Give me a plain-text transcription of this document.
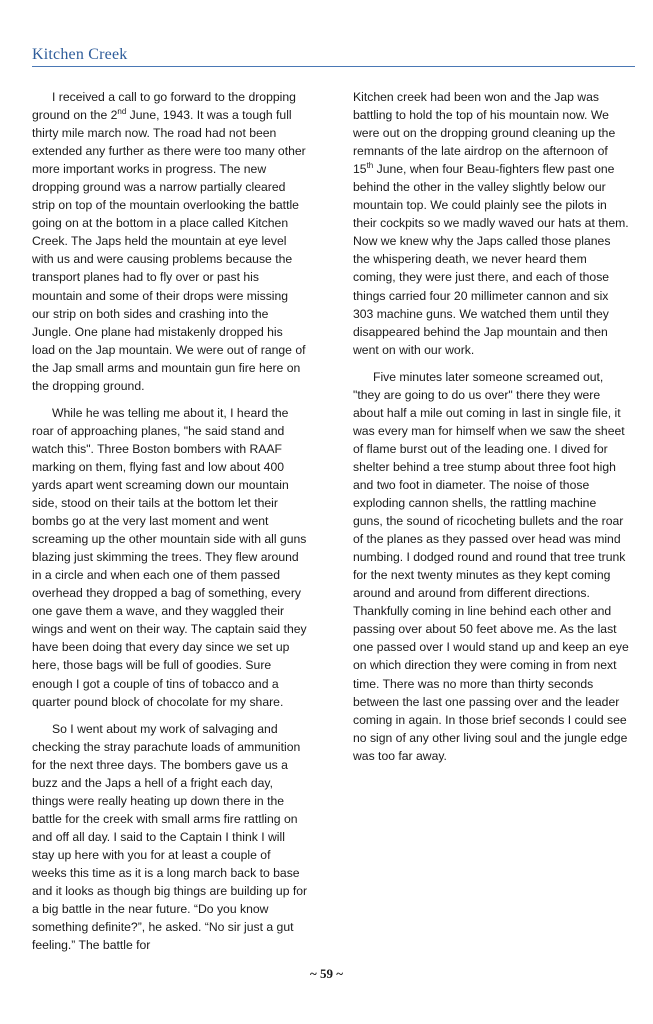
Kitchen Creek

I received a call to go forward to the dropping ground on the 2nd June, 1943. It was a tough full thirty mile march now. The road had not been extended any further as there were too many other more important works in progress. The new dropping ground was a narrow partially cleared strip on top of the mountain overlooking the battle going on at the bottom in a place called Kitchen Creek. The Japs held the mountain at eye level with us and were causing problems because the transport planes had to fly over or past his mountain and some of their drops were missing our strip on both sides and crashing into the Jungle. One plane had mistakenly dropped his load on the Jap mountain. We were out of range of the Jap small arms and mountain gun fire here on the dropping ground.

While he was telling me about it, I heard the roar of approaching planes, "he said stand and watch this". Three Boston bombers with RAAF marking on them, flying fast and low about 400 yards apart went screaming down our mountain side, stood on their tails at the bottom let their bombs go at the very last moment and went screaming up the other mountain side with all guns blazing just skimming the trees. They flew around in a circle and when each one of them passed overhead they dropped a bag of something, every one gave them a wave, and they waggled their wings and went on their way. The captain said they have been doing that every day since we set up here, those bags will be full of goodies. Sure enough I got a couple of tins of tobacco and a quarter pound block of chocolate for my share.

So I went about my work of salvaging and checking the stray parachute loads of ammunition for the next three days. The bombers gave us a buzz and the Japs a hell of a fright each day, things were really heating up down there in the battle for the creek with small arms fire rattling on and off all day. I said to the Captain I think I will stay up here with you for at least a couple of weeks this time as it is a long march back to base and it looks as though big things are building up for a big battle in the near future. “Do you know something definite?”, he asked. “No sir just a gut feeling.” The battle for

Kitchen creek had been won and the Jap was battling to hold the top of his mountain now. We were out on the dropping ground cleaning up the remnants of the late airdrop on the afternoon of 15th June, when four Beau-fighters flew past one behind the other in the valley slightly below our mountain top. We could plainly see the pilots in their cockpits so we madly waved our hats at them. Now we knew why the Japs called those planes the whispering death, we never heard them coming, they were just there, and each of those things carried four 20 millimeter cannon and six 303 machine guns. We watched them until they disappeared behind the Jap mountain and then went on with our work.

Five minutes later someone screamed out, "they are going to do us over" there they were about half a mile out coming in last in single file, it was every man for himself when we saw the sheet of flame burst out of the leading one. I dived for shelter behind a tree stump about three foot high and two foot in diameter. The noise of those exploding cannon shells, the rattling machine guns, the sound of ricocheting bullets and the roar of the planes as they passed over head was mind numbing. I dodged round and round that tree trunk for the next twenty minutes as they kept coming around and around from different directions. Thankfully coming in line behind each other and passing over about 50 feet above me. As the last one passed over I would stand up and keep an eye on which direction they were coming in from next time. There was no more than thirty seconds between the last one passing over and the leader coming in again. In those brief seconds I could see no sign of any other living soul and the jungle edge was too far away.

~ 59 ~
